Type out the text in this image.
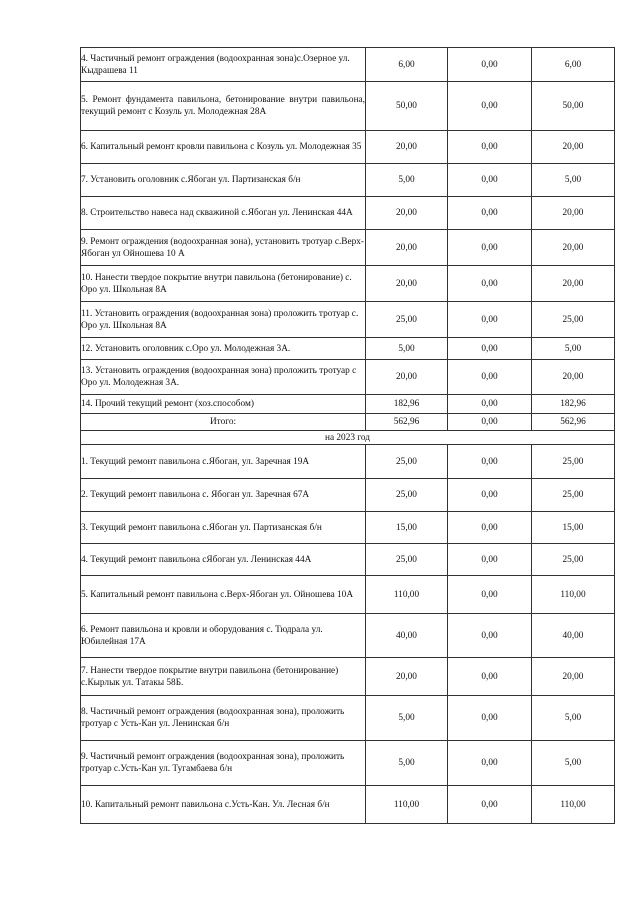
4. Частичный ремонт ограждения (водоохранная зона)с.Озерное ул. Кыдрашева 11	6,00	0,00	6,00
5. Ремонт фундамента павильона, бетонирование внутри павильона, текущий ремонт с Козуль ул. Молодежная 28А	50,00	0,00	50,00
6. Капитальный ремонт кровли павильона с Козуль ул. Молодежная 35	20,00	0,00	20,00
7. Установить оголовник с.Ябоган ул. Партизанская б/н	5,00	0,00	5,00
8. Строительство навеса над скважиной с.Ябоган ул. Ленинская 44А	20,00	0,00	20,00
9. Ремонт ограждения (водоохранная зона), установить тротуар с.Верх-Ябоган ул Ойношева 10 А	20,00	0,00	20,00
10. Нанести твердое покрытие внутри павильона (бетонирование) с. Оро ул. Школьная 8А	20,00	0,00	20,00
11. Установить ограждения (водоохранная зона) проложить тротуар с. Оро ул. Школьная 8А	25,00	0,00	25,00
12. Установить оголовник с.Оро ул. Молодежная 3А.	5,00	0,00	5,00
13. Установить ограждения (водоохранная зона) проложить тротуар с Оро ул. Молодежная 3А.	20,00	0,00	20,00
14. Прочий текущий ремонт (хоз.способом)	182,96	0,00	182,96
Итого:	562,96	0,00	562,96
на 2023 год			
1. Текущий ремонт павильона с.Ябоган, ул. Заречная 19А	25,00	0,00	25,00
2. Текущий ремонт павильона с. Ябоган ул. Заречная 67А	25,00	0,00	25,00
3. Текущий ремонт павильона с.Ябоган ул. Партизанская б/н	15,00	0,00	15,00
4. Текущий ремонт павильона сЯбоган ул. Ленинская 44А	25,00	0,00	25,00
5. Капитальный ремонт павильона с.Верх-Ябоган ул. Ойношева 10А	110,00	0,00	110,00
6. Ремонт павильона и кровли и оборудования с. Тюдрала ул. Юбилейная 17А	40,00	0,00	40,00
7. Нанести твердое покрытие внутри павильона (бетонирование) с.Кырлык ул. Татакы 58Б.	20,00	0,00	20,00
8. Частичный ремонт ограждения (водоохранная зона), проложить тротуар с Усть-Кан ул. Ленинская б/н	5,00	0,00	5,00
9. Частичный ремонт ограждения (водоохранная зона), проложить тротуар с.Усть-Кан ул. Тугамбаева б/н	5,00	0,00	5,00
10. Капитальный ремонт павильона с.Усть-Кан. Ул. Лесная б/н	110,00	0,00	110,00
